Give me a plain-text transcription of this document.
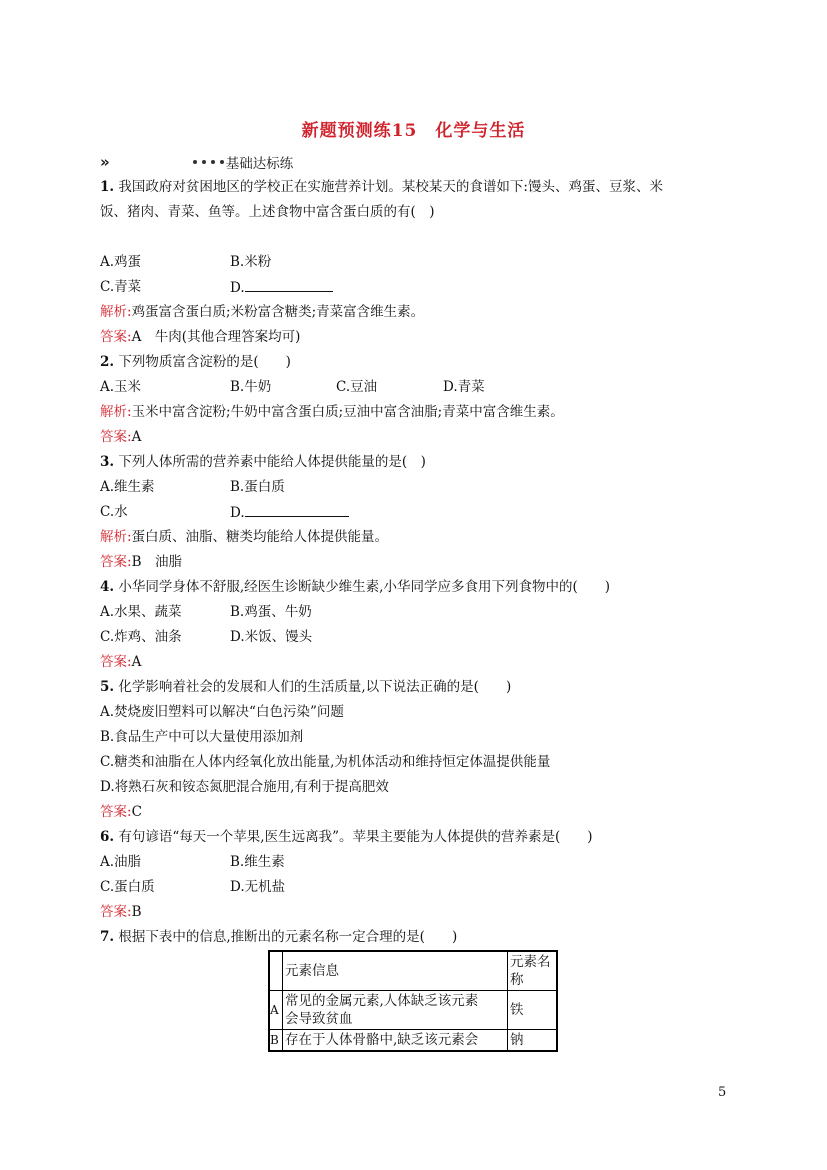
新题预测练15　化学与生活
»	基础达标练
1. 我国政府对贫困地区的学校正在实施营养计划。某校某天的食谱如下:馒头、鸡蛋、豆浆、米
饭、猪肉、青菜、鱼等。上述食物中富含蛋白质的有(　)
A.鸡蛋	B.米粉
C.青菜	D.
解析:鸡蛋富含蛋白质;米粉富含糖类;青菜富含维生素。
答案:A　牛肉(其他合理答案均可)
2. 下列物质富含淀粉的是(　　)
A.玉米	B.牛奶	C.豆油	D.青菜
解析:玉米中富含淀粉;牛奶中富含蛋白质;豆油中富含油脂;青菜中富含维生素。
答案:A
3. 下列人体所需的营养素中能给人体提供能量的是(　)
A.维生素	B.蛋白质
C.水	D.
解析:蛋白质、油脂、糖类均能给人体提供能量。
答案:B　油脂
4. 小华同学身体不舒服,经医生诊断缺少维生素,小华同学应多食用下列食物中的(　　)
A.水果、蔬菜	B.鸡蛋、牛奶
C.炸鸡、油条	D.米饭、馒头
答案:A
5. 化学影响着社会的发展和人们的生活质量,以下说法正确的是(　　)
A.焚烧废旧塑料可以解决“白色污染”问题
B.食品生产中可以大量使用添加剂
C.糖类和油脂在人体内经氧化放出能量,为机体活动和维持恒定体温提供能量
D.将熟石灰和铵态氮肥混合施用,有利于提高肥效
答案:C
6. 有句谚语“每天一个苹果,医生远离我”。苹果主要能为人体提供的营养素是(　　)
A.油脂	B.维生素
C.蛋白质	D.无机盐
答案:B
7. 根据下表中的信息,推断出的元素名称一定合理的是(　　)
	元素信息	元素名
称

A	常见的金属元素,人体缺乏该元素
会导致贫血	铁
B	存在于人体骨骼中,缺乏该元素会	钠
5
